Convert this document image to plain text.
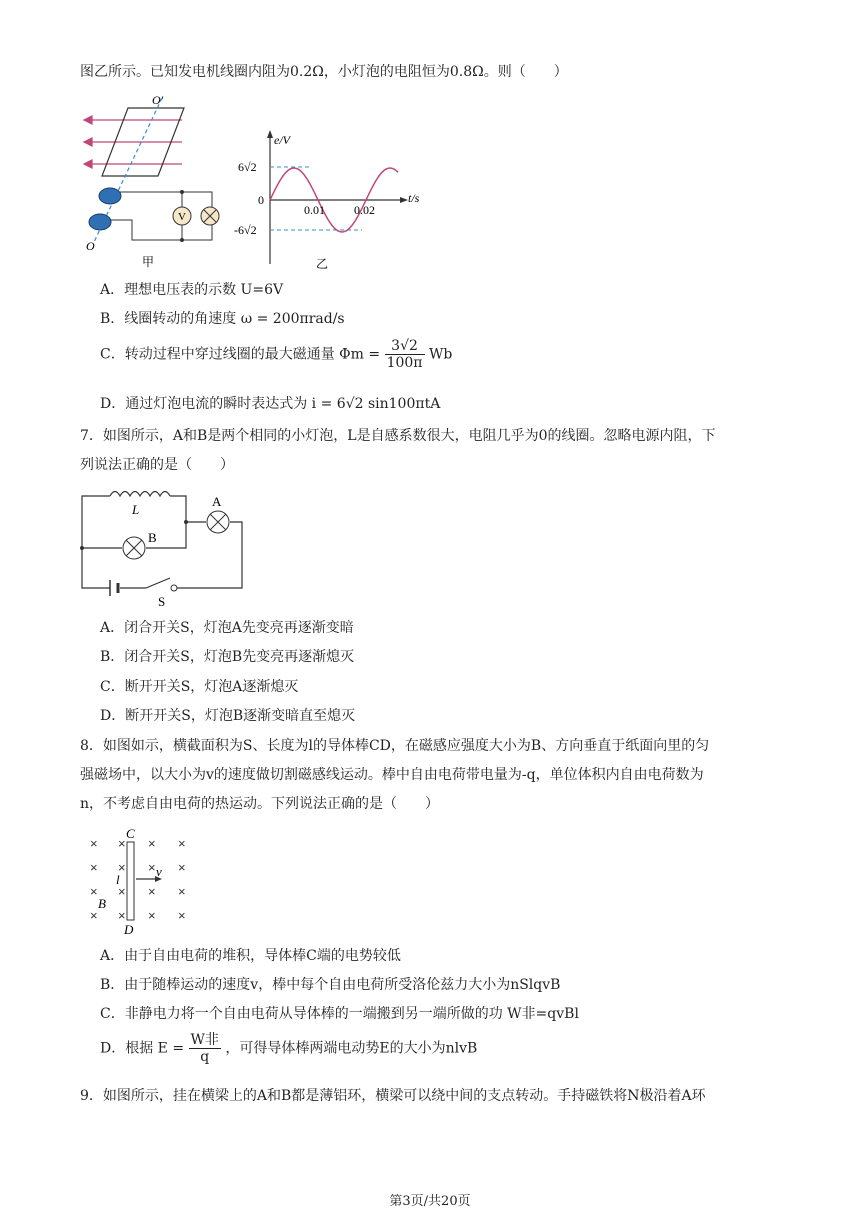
图乙所示。已知发电机线圈内阻为0.2Ω，小灯泡的电阻恒为0.8Ω。则（　　）
V
O′
O
甲
e/V
t/s
6√2
-6√2
0
0.01 0.02
乙
A．理想电压表的示数 U=6V
B．线圈转动的角速度 ω = 200πrad/s
C．转动过程中穿过线圈的最大磁通量 $\Phi m = \frac{3√2}{100\pi}$ Wb
D．通过灯泡电流的瞬时表达式为 i = 6√2 sin100πtA
7．如图所示，A和B是两个相同的小灯泡，L是自感系数很大，电阻几乎为0的线圈。忽略电源内阻，下
列说法正确的是（　　）
L
A
B
S
A．闭合开关S，灯泡A先变亮再逐渐变暗
B．闭合开关S，灯泡B先变亮再逐渐熄灭
C．断开开关S，灯泡A逐渐熄灭
D．断开开关S，灯泡B逐渐变暗直至熄灭
8．如图如示，横截面积为S、长度为l的导体棒CD，在磁感应强度大小为B、方向垂直于纸面向里的匀
强磁场中，以大小为v的速度做切割磁感线运动。棒中自由电荷带电量为-q，单位体积内自由电荷数为
n，不考虑自由电荷的热运动。下列说法正确的是（　　）
× × × ×
× × × ×
× × × ×
× × × ×
C
D
l
v
B
A．由于自由电荷的堆积，导体棒C端的电势较低
B．由于随棒运动的速度v，棒中每个自由电荷所受洛伦兹力大小为nSlqvB
C．非静电力将一个自由电荷从导体棒的一端搬到另一端所做的功 W非=qvBl
D．根据 $E = \frac{\text{W非}}{q}$ ，可得导体棒两端电动势E的大小为nlvB
9．如图所示，挂在横梁上的A和B都是薄铝环，横梁可以绕中间的支点转动。手持磁铁将N极沿着A环
第3页/共20页
